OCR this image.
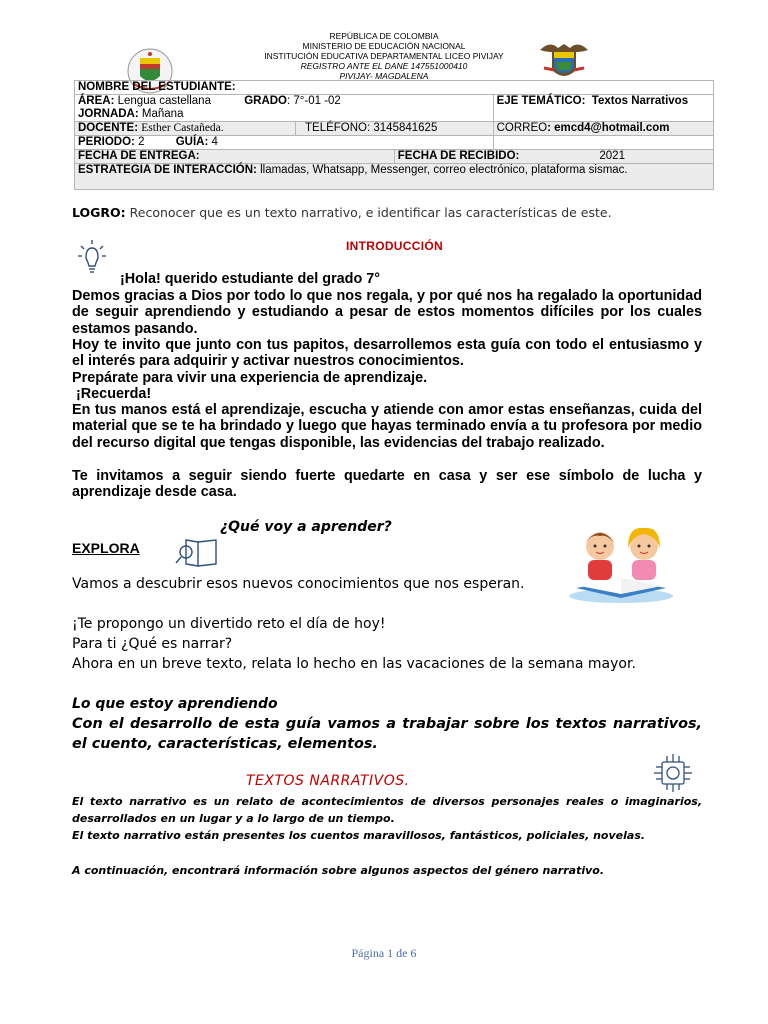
REPÚBLICA DE COLOMBIA
MINISTERIO DE EDUCACIÓN NACIONAL
INSTITUCIÓN EDUCATIVA DEPARTAMENTAL LICEO PIVIJAY
REGISTRO ANTE EL DANE 147551000410
PIVIJAY- MAGDALENA
NOMBRE DEL ESTUDIANTE:			

ÁREA: Lengua castellana GRADO: 7°-01 -02
JORNADA: Mañana			EJE TEMÁTICO: Textos Narrativos
DOCENTE: Esther Castañeda.	TELÉFONO: 3145841625		CORREO: emcd4@hotmail.com
PERIODO: 2 GUÍA: 4			
FECHA DE ENTREGA:		FECHA DE RECIBIDO: 2021	
ESTRATEGIA DE INTERACCIÓN: llamadas, Whatsapp, Messenger, correo electrónico, plataforma sismac.			
LOGRO: Reconocer que es un texto narrativo, e identificar las características de este.
INTRODUCCIÓN
¡Hola! querido estudiante del grado 7°
Demos gracias a Dios por todo lo que nos regala, y por qué nos ha regalado la oportunidad de seguir aprendiendo y estudiando a pesar de estos momentos difíciles por los cuales estamos pasando.
Hoy te invito que junto con tus papitos, desarrollemos esta guía con todo el entusiasmo y el interés para adquirir y activar nuestros conocimientos.
Prepárate para vivir una experiencia de aprendizaje.
¡Recuerda!
En tus manos está el aprendizaje, escucha y atiende con amor estas enseñanzas, cuida del material que se te ha brindado y luego que hayas terminado envía a tu profesora por medio del recurso digital que tengas disponible, las evidencias del trabajo realizado.
Te invitamos a seguir siendo fuerte quedarte en casa y ser ese símbolo de lucha y aprendizaje desde casa.
¿Qué voy a aprender?
EXPLORA
Vamos a descubrir esos nuevos conocimientos que nos esperan.
¡Te propongo un divertido reto el día de hoy!
Para ti ¿Qué es narrar?
Ahora en un breve texto, relata lo hecho en las vacaciones de la semana mayor.
Lo que estoy aprendiendo
Con el desarrollo de esta guía vamos a trabajar sobre los textos narrativos, el cuento, características, elementos.
TEXTOS NARRATIVOS.
El texto narrativo es un relato de acontecimientos de diversos personajes reales o imaginarios, desarrollados en un lugar y a lo largo de un tiempo.
El texto narrativo están presentes los cuentos maravillosos, fantásticos, policiales, novelas.
A continuación, encontrará información sobre algunos aspectos del género narrativo.
Página 1 de 6
